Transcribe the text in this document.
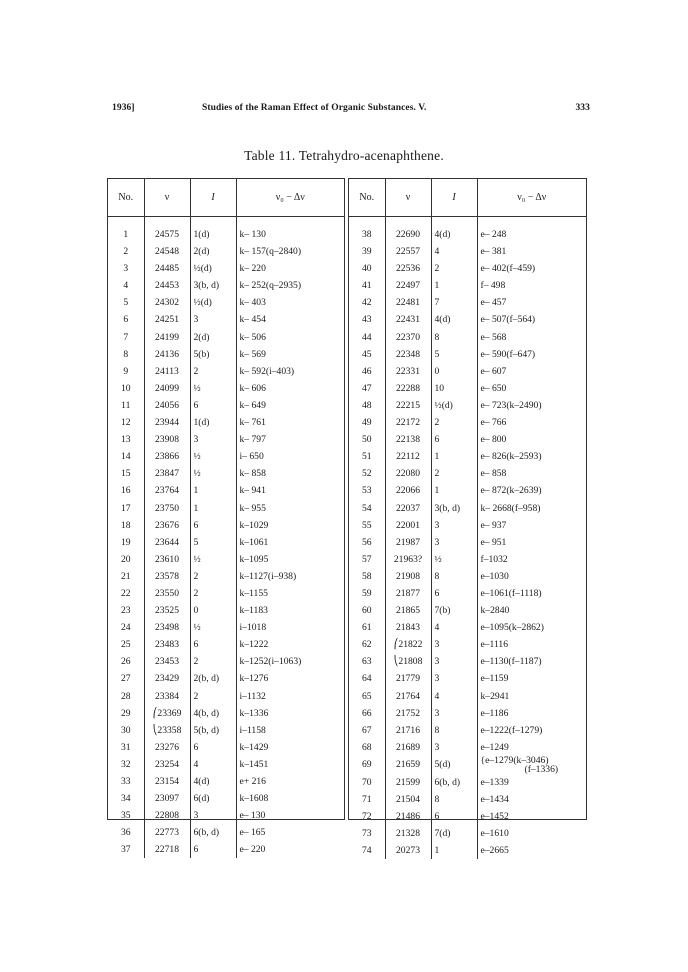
1936]	Studies of the Raman Effect of Organic Substances. V.	333
Table 11. Tetrahydro-acenaphthene.
No.	ν	I	ν₀ − Δν

1	24575	1(d)	k– 130
2	24548	2(d)	k– 157(q–2840)
3	24485	½(d)	k– 220
4	24453	3(b, d)	k– 252(q–2935)
5	24302	½(d)	k– 403
6	24251	3	k– 454
7	24199	2(d)	k– 506
8	24136	5(b)	k– 569
9	24113	2	k– 592(i–403)
10	24099	½	k– 606
11	24056	6	k– 649
12	23944	1(d)	k– 761
13	23908	3	k– 797
14	23866	½	i– 650
15	23847	½	k– 858
16	23764	1	k– 941
17	23750	1	k– 955
18	23676	6	k–1029
19	23644	5	k–1061
20	23610	½	k–1095
21	23578	2	k–1127(i–938)
22	23550	2	k–1155
23	23525	0	k–1183
24	23498	½	i–1018
25	23483	6	k–1222
26	23453	2	k–1252(i–1063)
27	23429	2(b, d)	k–1276
28	23384	2	i–1132
29	⎛23369	4(b, d)	k–1336
30	⎝23358	5(b, d)	i–1158
31	23276	6	k–1429
32	23254	4	k–1451
33	23154	4(d)	e+ 216
34	23097	6(d)	k–1608
35	22808	3	e– 130
36	22773	6(b, d)	e– 165
37	22718	6	e– 220
No.	ν	I	ν₀ − Δν

38	22690	4(d)	e– 248
39	22557	4	e– 381
40	22536	2	e– 402(f–459)
41	22497	1	f– 498
42	22481	7	e– 457
43	22431	4(d)	e– 507(f–564)
44	22370	8	e– 568
45	22348	5	e– 590(f–647)
46	22331	0	e– 607
47	22288	10	e– 650
48	22215	½(d)	e– 723(k–2490)
49	22172	2	e– 766
50	22138	6	e– 800
51	22112	1	e– 826(k–2593)
52	22080	2	e– 858
53	22066	1	e– 872(k–2639)
54	22037	3(b, d)	k– 2668(f–958)
55	22001	3	e– 937
56	21987	3	e– 951
57	21963?	½	f–1032
58	21908	8	e–1030
59	21877	6	e–1061(f–1118)
60	21865	7(b)	k–2840
61	21843	4	e–1095(k–2862)
62	⎛21822	3	e–1116
63	⎝21808	3	e–1130(f–1187)
64	21779	3	e–1159
65	21764	4	k–2941
66	21752	3	e–1186
67	21716	8	e–1222(f–1279)
68	21689	3	e–1249
69	21659	5(d)	{e–1279(k–3046)
(f–1336)

70	21599	6(b, d)	e–1339
71	21504	8	e–1434
72	21486	6	e–1452
73	21328	7(d)	e–1610
74	20273	1	e–2665
